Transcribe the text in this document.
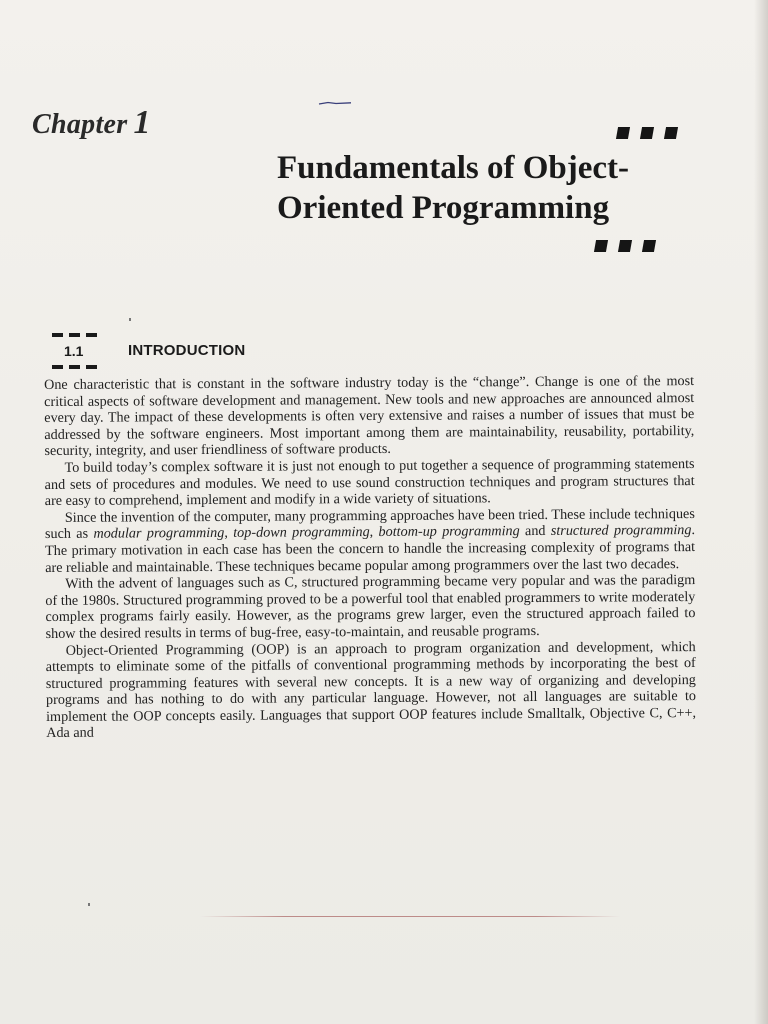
Chapter 1
Fundamentals of Object-
Oriented Programming
1.1	INTRODUCTION

One characteristic that is constant in the software industry today is the “change”. Change is one of the most critical aspects of software development and management. New tools and new approaches are announced almost every day. The impact of these developments is often very extensive and raises a number of issues that must be addressed by the software engineers. Most important among them are maintainability, reusability, portability, security, integrity, and user friendliness of software products.

To build today’s complex software it is just not enough to put together a sequence of programming statements and sets of procedures and modules. We need to use sound construction techniques and program structures that are easy to comprehend, implement and modify in a wide variety of situations.

Since the invention of the computer, many programming approaches have been tried. These include techniques such as modular programming, top-down programming, bottom-up programming and structured programming. The primary motivation in each case has been the concern to handle the increasing complexity of programs that are reliable and maintainable. These techniques became popular among programmers over the last two decades.

With the advent of languages such as C, structured programming became very popular and was the paradigm of the 1980s. Structured programming proved to be a powerful tool that enabled programmers to write moderately complex programs fairly easily. However, as the programs grew larger, even the structured approach failed to show the desired results in terms of bug-free, easy-to-maintain, and reusable programs.

Object-Oriented Programming (OOP) is an approach to program organization and development, which attempts to eliminate some of the pitfalls of conventional programming methods by incorporating the best of structured programming features with several new concepts. It is a new way of organizing and developing programs and has nothing to do with any particular language. However, not all languages are suitable to implement the OOP concepts easily. Languages that support OOP features include Smalltalk, Objective C, C++, Ada and
